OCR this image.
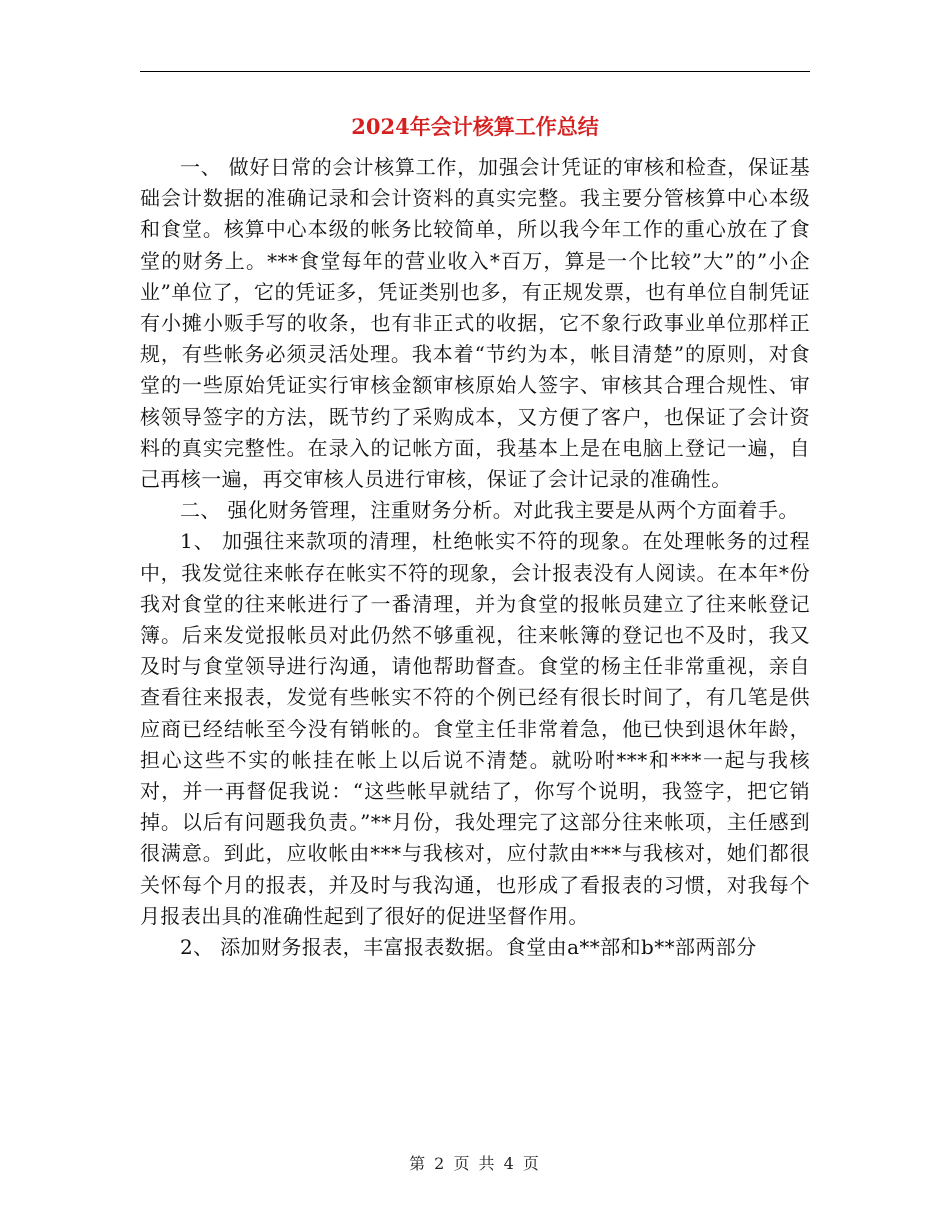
2024年会计核算工作总结

一、 做好日常的会计核算工作，加强会计凭证的审核和检查，保证基础会计数据的准确记录和会计资料的真实完整。我主要分管核算中心本级和食堂。核算中心本级的帐务比较简单，所以我今年工作的重心放在了食堂的财务上。***食堂每年的营业收入*百万，算是一个比较”大”的”小企业”单位了，它的凭证多，凭证类别也多，有正规发票，也有单位自制凭证有小摊小贩手写的收条，也有非正式的收据，它不象行政事业单位那样正规，有些帐务必须灵活处理。我本着“节约为本，帐目清楚”的原则，对食堂的一些原始凭证实行审核金额审核原始人签字、审核其合理合规性、审核领导签字的方法，既节约了采购成本，又方便了客户，也保证了会计资料的真实完整性。在录入的记帐方面，我基本上是在电脑上登记一遍，自己再核一遍，再交审核人员进行审核，保证了会计记录的准确性。

二、 强化财务管理，注重财务分析。对此我主要是从两个方面着手。

1、 加强往来款项的清理，杜绝帐实不符的现象。在处理帐务的过程中，我发觉往来帐存在帐实不符的现象，会计报表没有人阅读。在本年*份我对食堂的往来帐进行了一番清理，并为食堂的报帐员建立了往来帐登记簿。后来发觉报帐员对此仍然不够重视，往来帐簿的登记也不及时，我又及时与食堂领导进行沟通，请他帮助督查。食堂的杨主任非常重视，亲自查看往来报表，发觉有些帐实不符的个例已经有很长时间了，有几笔是供应商已经结帐至今没有销帐的。食堂主任非常着急，他已快到退休年龄，担心这些不实的帐挂在帐上以后说不清楚。就吩咐***和***一起与我核对，并一再督促我说：“这些帐早就结了，你写个说明，我签字，把它销掉。以后有问题我负责。”**月份，我处理完了这部分往来帐项，主任感到很满意。到此，应收帐由***与我核对，应付款由***与我核对，她们都很关怀每个月的报表，并及时与我沟通，也形成了看报表的习惯，对我每个月报表出具的准确性起到了很好的促进坚督作用。

2、 添加财务报表，丰富报表数据。食堂由a**部和b**部两部分

第 2 页 共 4 页
